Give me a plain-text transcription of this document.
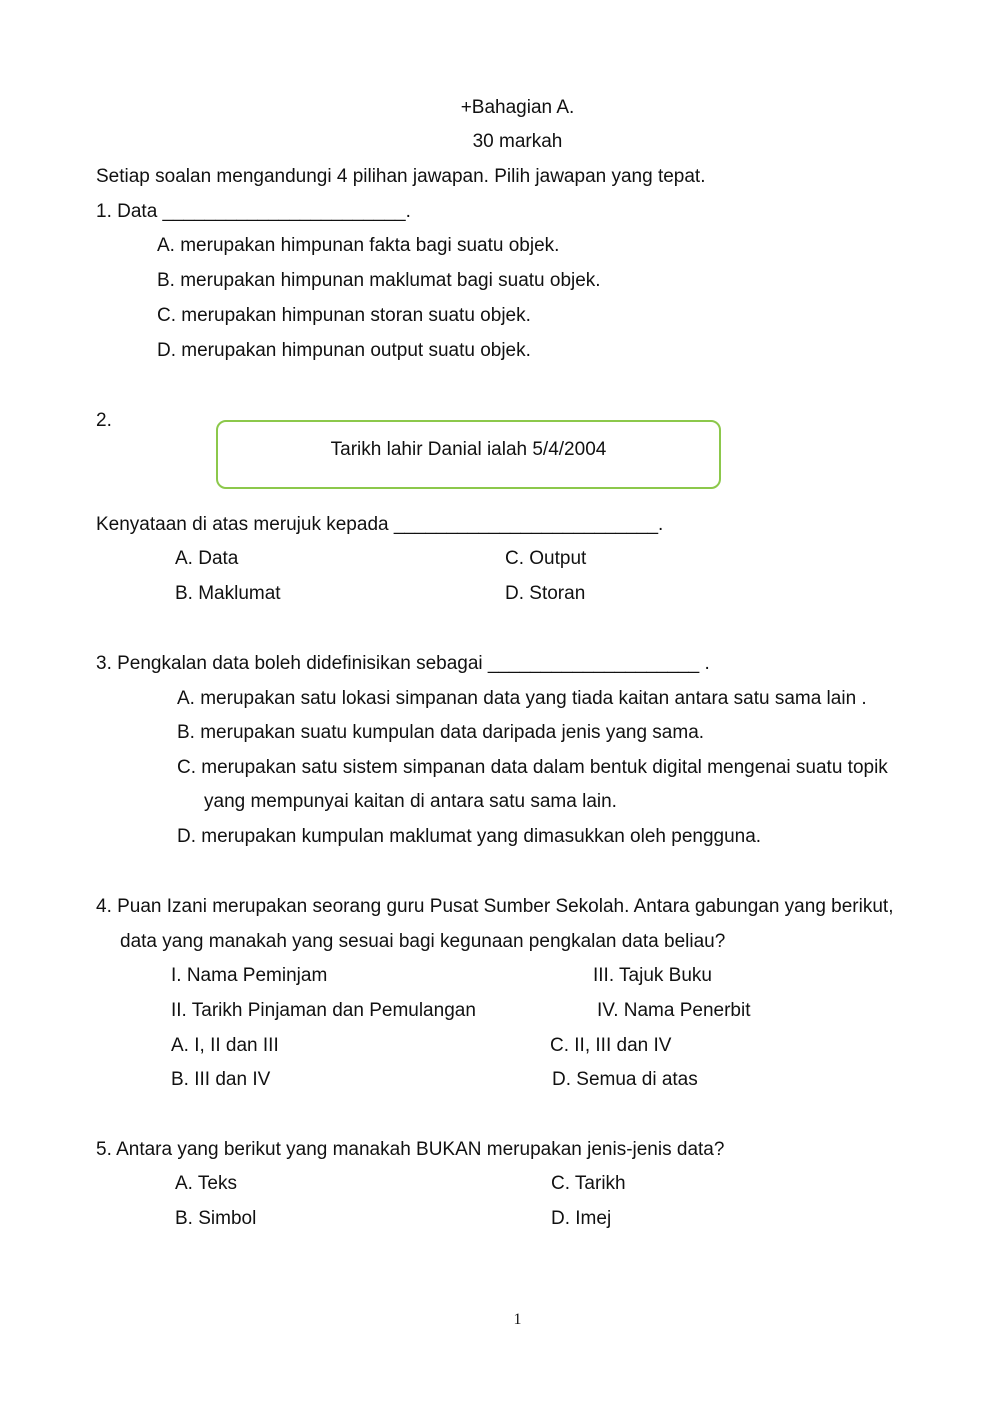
+Bahagian A.
30 markah
Setiap soalan mengandungi 4 pilihan jawapan. Pilih jawapan yang tepat.
1. Data _______________________.
A. merupakan himpunan fakta bagi suatu objek.
B. merupakan himpunan maklumat bagi suatu objek.
C. merupakan himpunan storan suatu objek.
D. merupakan himpunan output suatu objek.
2.
Tarikh lahir Danial ialah 5/4/2004
Kenyataan di atas merujuk kepada _________________________.
A. Data
B. Maklumat
C. Output
D. Storan
3. Pengkalan data boleh didefinisikan sebagai ____________________ .
A. merupakan satu lokasi simpanan data yang tiada kaitan antara satu sama lain .
B. merupakan suatu kumpulan data daripada jenis yang sama.
C. merupakan satu sistem simpanan data dalam bentuk digital mengenai suatu topik
yang mempunyai kaitan di antara satu sama lain.
D. merupakan kumpulan maklumat yang dimasukkan oleh pengguna.
4. Puan Izani merupakan seorang guru Pusat Sumber Sekolah. Antara gabungan yang berikut,
data yang manakah yang sesuai bagi kegunaan pengkalan data beliau?
I. Nama Peminjam
II. Tarikh Pinjaman dan Pemulangan
III. Tajuk Buku
IV. Nama Penerbit
A. I, II dan III
B. III dan IV
C. II, III dan IV
D. Semua di atas
5. Antara yang berikut yang manakah BUKAN merupakan jenis-jenis data?
A. Teks
B. Simbol
C. Tarikh
D. Imej
1
